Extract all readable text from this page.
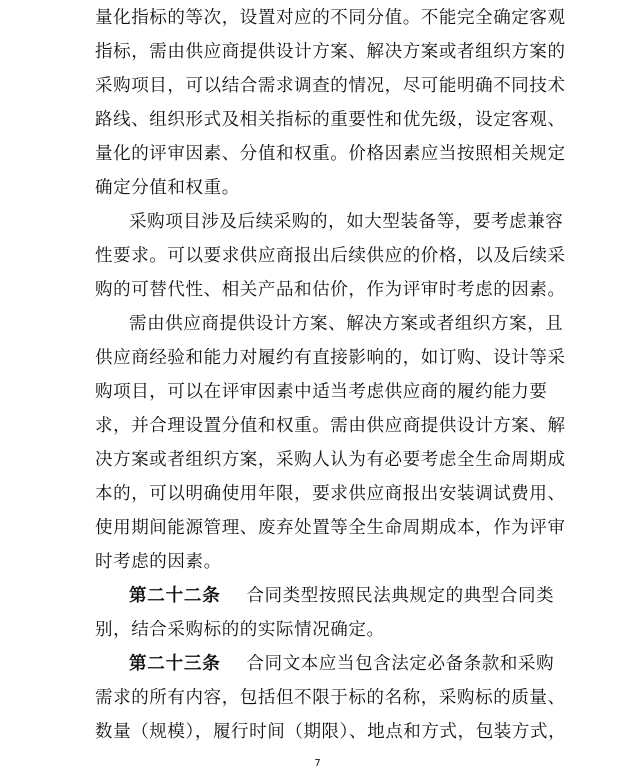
量化指标的等次，设置对应的不同分值。不能完全确定客观
指标，需由供应商提供设计方案、解决方案或者组织方案的
采购项目，可以结合需求调查的情况，尽可能明确不同技术
路线、组织形式及相关指标的重要性和优先级，设定客观、
量化的评审因素、分值和权重。价格因素应当按照相关规定
确定分值和权重。
采购项目涉及后续采购的，如大型装备等，要考虑兼容
性要求。可以要求供应商报出后续供应的价格，以及后续采
购的可替代性、相关产品和估价，作为评审时考虑的因素。
需由供应商提供设计方案、解决方案或者组织方案，且
供应商经验和能力对履约有直接影响的，如订购、设计等采
购项目，可以在评审因素中适当考虑供应商的履约能力要
求，并合理设置分值和权重。需由供应商提供设计方案、解
决方案或者组织方案，采购人认为有必要考虑全生命周期成
本的，可以明确使用年限，要求供应商报出安装调试费用、
使用期间能源管理、废弃处置等全生命周期成本，作为评审
时考虑的因素。
第二十二条 合同类型按照民法典规定的典型合同类
别，结合采购标的的实际情况确定。
第二十三条 合同文本应当包含法定必备条款和采购
需求的所有内容，包括但不限于标的名称，采购标的质量、
数量（规模），履行时间（期限）、地点和方式，包装方式，
7
